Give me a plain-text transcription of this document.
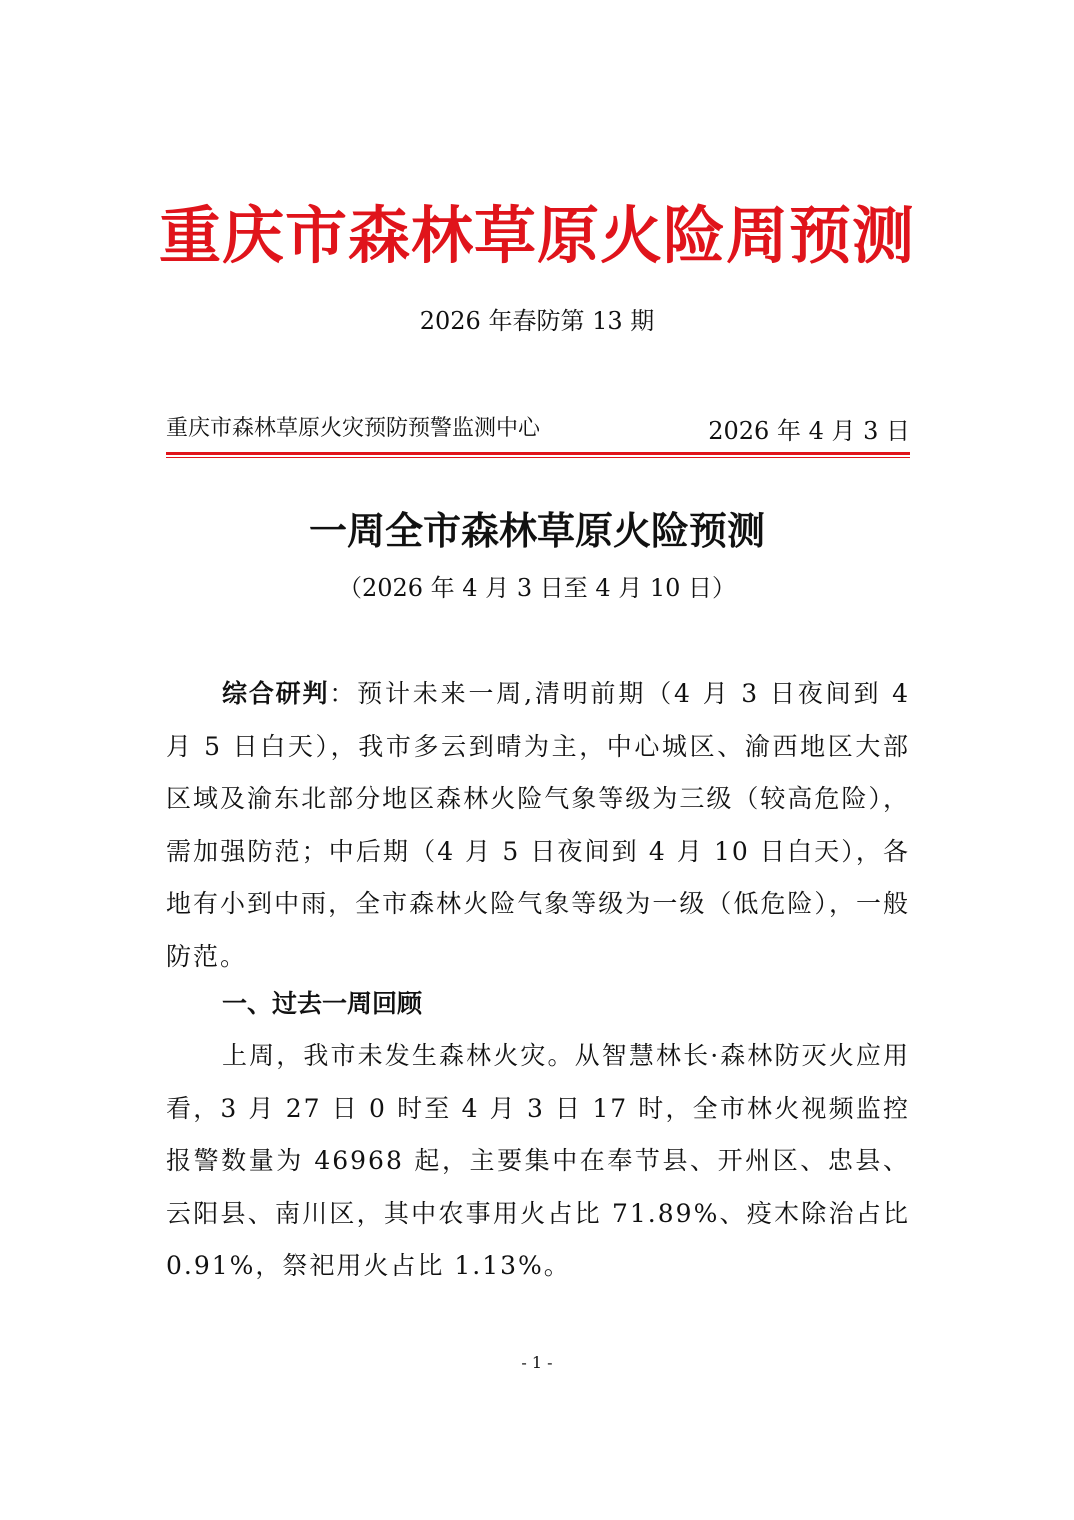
重庆市森林草原火险周预测
2026 年春防第 13 期
重庆市森林草原火灾预防预警监测中心	2026 年 4 月 3 日
一周全市森林草原火险预测
（2026 年 4 月 3 日至 4 月 10 日）
综合研判：预计未来一周,清明前期（4 月 3 日夜间到 4 月 5 日白天），我市多云到晴为主，中心城区、渝西地区大部区域及渝东北部分地区森林火险气象等级为三级（较高危险），需加强防范；中后期（4 月 5 日夜间到 4 月 10 日白天），各地有小到中雨，全市森林火险气象等级为一级（低危险），一般防范。
一、过去一周回顾
上周，我市未发生森林火灾。从智慧林长·森林防灭火应用看，3 月 27 日 0 时至 4 月 3 日 17 时，全市林火视频监控报警数量为 46968 起，主要集中在奉节县、开州区、忠县、云阳县、南川区，其中农事用火占比 71.89%、疫木除治占比 0.91%，祭祀用火占比 1.13%。
- 1 -
